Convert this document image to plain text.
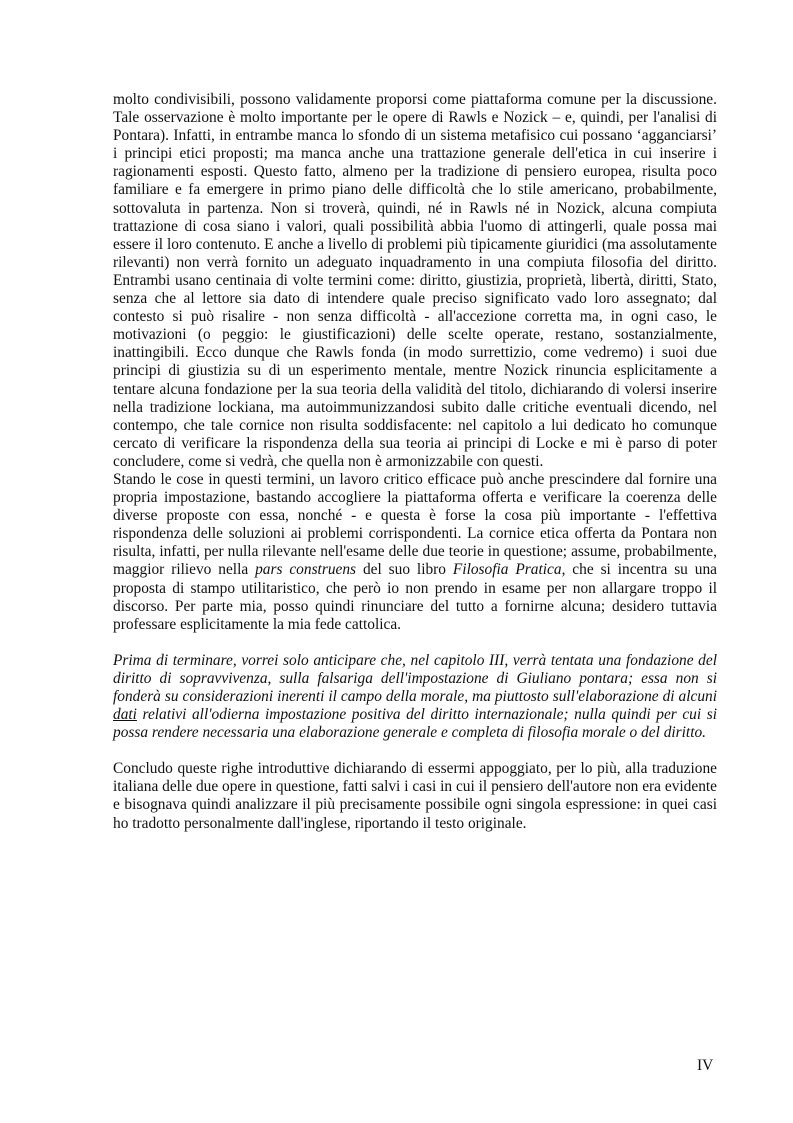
molto condivisibili, possono validamente proporsi come piattaforma comune per la discussione. Tale osservazione è molto importante per le opere di Rawls e Nozick – e, quindi, per l'analisi di Pontara). Infatti, in entrambe manca lo sfondo di un sistema metafisico cui possano ‘agganciarsi’ i principi etici proposti; ma manca anche una trattazione generale dell'etica in cui inserire i ragionamenti esposti. Questo fatto, almeno per la tradizione di pensiero europea, risulta poco familiare e fa emergere in primo piano delle difficoltà che lo stile americano, probabilmente, sottovaluta in partenza. Non si troverà, quindi, né in Rawls né in Nozick, alcuna compiuta trattazione di cosa siano i valori, quali possibilità abbia l'uomo di attingerli, quale possa mai essere il loro contenuto. E anche a livello di problemi più tipicamente giuridici (ma assolutamente rilevanti) non verrà fornito un adeguato inquadramento in una compiuta filosofia del diritto. Entrambi usano centinaia di volte termini come: diritto, giustizia, proprietà, libertà, diritti, Stato, senza che al lettore sia dato di intendere quale preciso significato vado loro assegnato; dal contesto si può risalire - non senza difficoltà - all'accezione corretta ma, in ogni caso, le motivazioni (o peggio: le giustificazioni) delle scelte operate, restano, sostanzialmente, inattingibili. Ecco dunque che Rawls fonda (in modo surrettizio, come vedremo) i suoi due principi di giustizia su di un esperimento mentale, mentre Nozick rinuncia esplicitamente a tentare alcuna fondazione per la sua teoria della validità del titolo, dichiarando di volersi inserire nella tradizione lockiana, ma autoimmunizzandosi subito dalle critiche eventuali dicendo, nel contempo, che tale cornice non risulta soddisfacente: nel capitolo a lui dedicato ho comunque cercato di verificare la rispondenza della sua teoria ai principi di Locke e mi è parso di poter concludere, come si vedrà, che quella non è armonizzabile con questi.

Stando le cose in questi termini, un lavoro critico efficace può anche prescindere dal fornire una propria impostazione, bastando accogliere la piattaforma offerta e verificare la coerenza delle diverse proposte con essa, nonché - e questa è forse la cosa più importante - l'effettiva rispondenza delle soluzioni ai problemi corrispondenti. La cornice etica offerta da Pontara non risulta, infatti, per nulla rilevante nell'esame delle due teorie in questione; assume, probabilmente, maggior rilievo nella pars construens del suo libro Filosofia Pratica, che si incentra su una proposta di stampo utilitaristico, che però io non prendo in esame per non allargare troppo il discorso. Per parte mia, posso quindi rinunciare del tutto a fornirne alcuna; desidero tuttavia professare esplicitamente la mia fede cattolica.

Prima di terminare, vorrei solo anticipare che, nel capitolo III, verrà tentata una fondazione del diritto di sopravvivenza, sulla falsariga dell'impostazione di Giuliano pontara; essa non si fonderà su considerazioni inerenti il campo della morale, ma piuttosto sull'elaborazione di alcuni dati relativi all'odierna impostazione positiva del diritto internazionale; nulla quindi per cui si possa rendere necessaria una elaborazione generale e completa di filosofia morale o del diritto.

Concludo queste righe introduttive dichiarando di essermi appoggiato, per lo più, alla traduzione italiana delle due opere in questione, fatti salvi i casi in cui il pensiero dell'autore non era evidente e bisognava quindi analizzare il più precisamente possibile ogni singola espressione: in quei casi ho tradotto personalmente dall'inglese, riportando il testo originale.

IV
